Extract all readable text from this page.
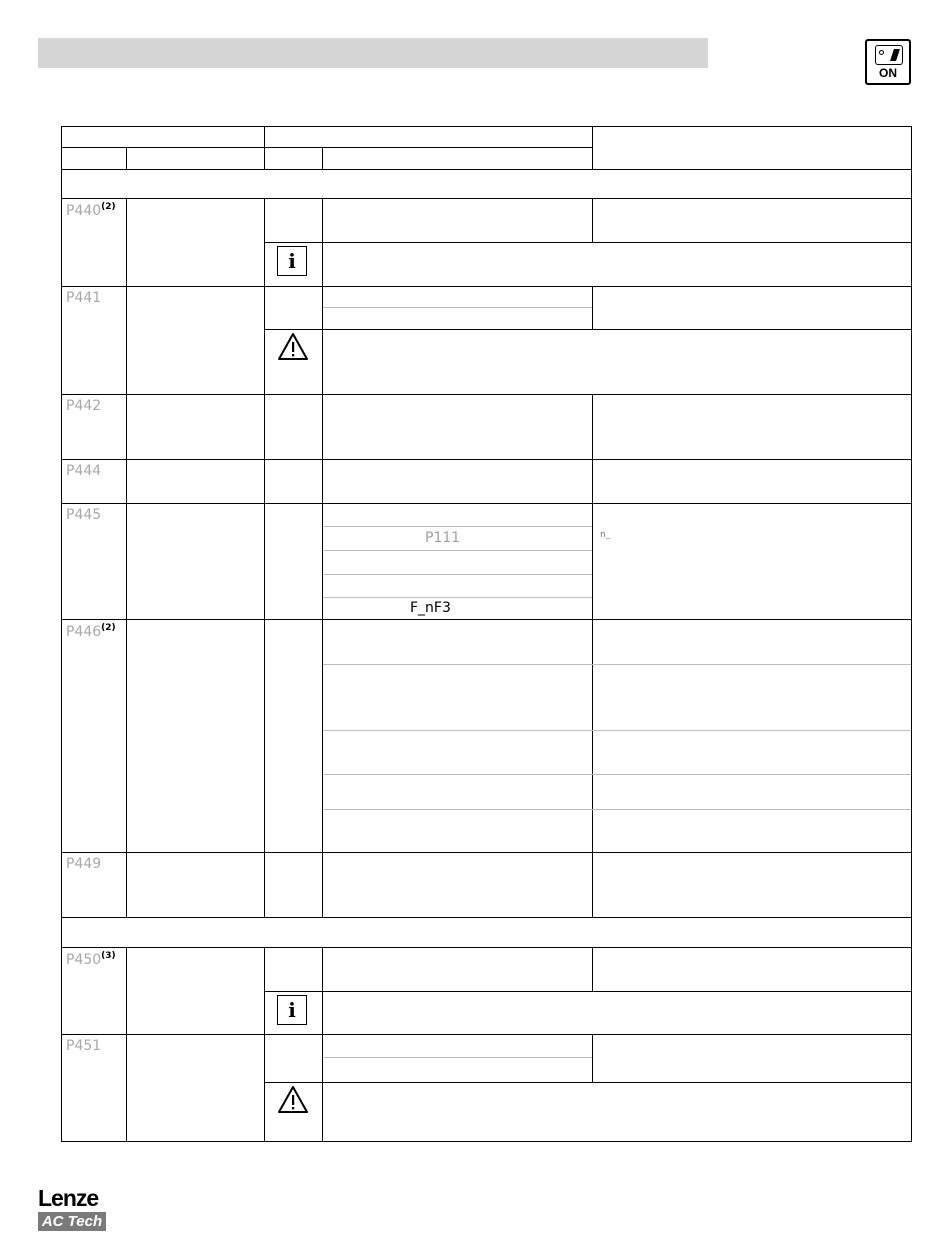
ON
P440$^{(2)}$
P441
P442
P444
P445
P446$^{(2)}$
P449
P450$^{(3)}$
P451
P111
F_nF3
n_
i
i
Lenze
AC Tech
